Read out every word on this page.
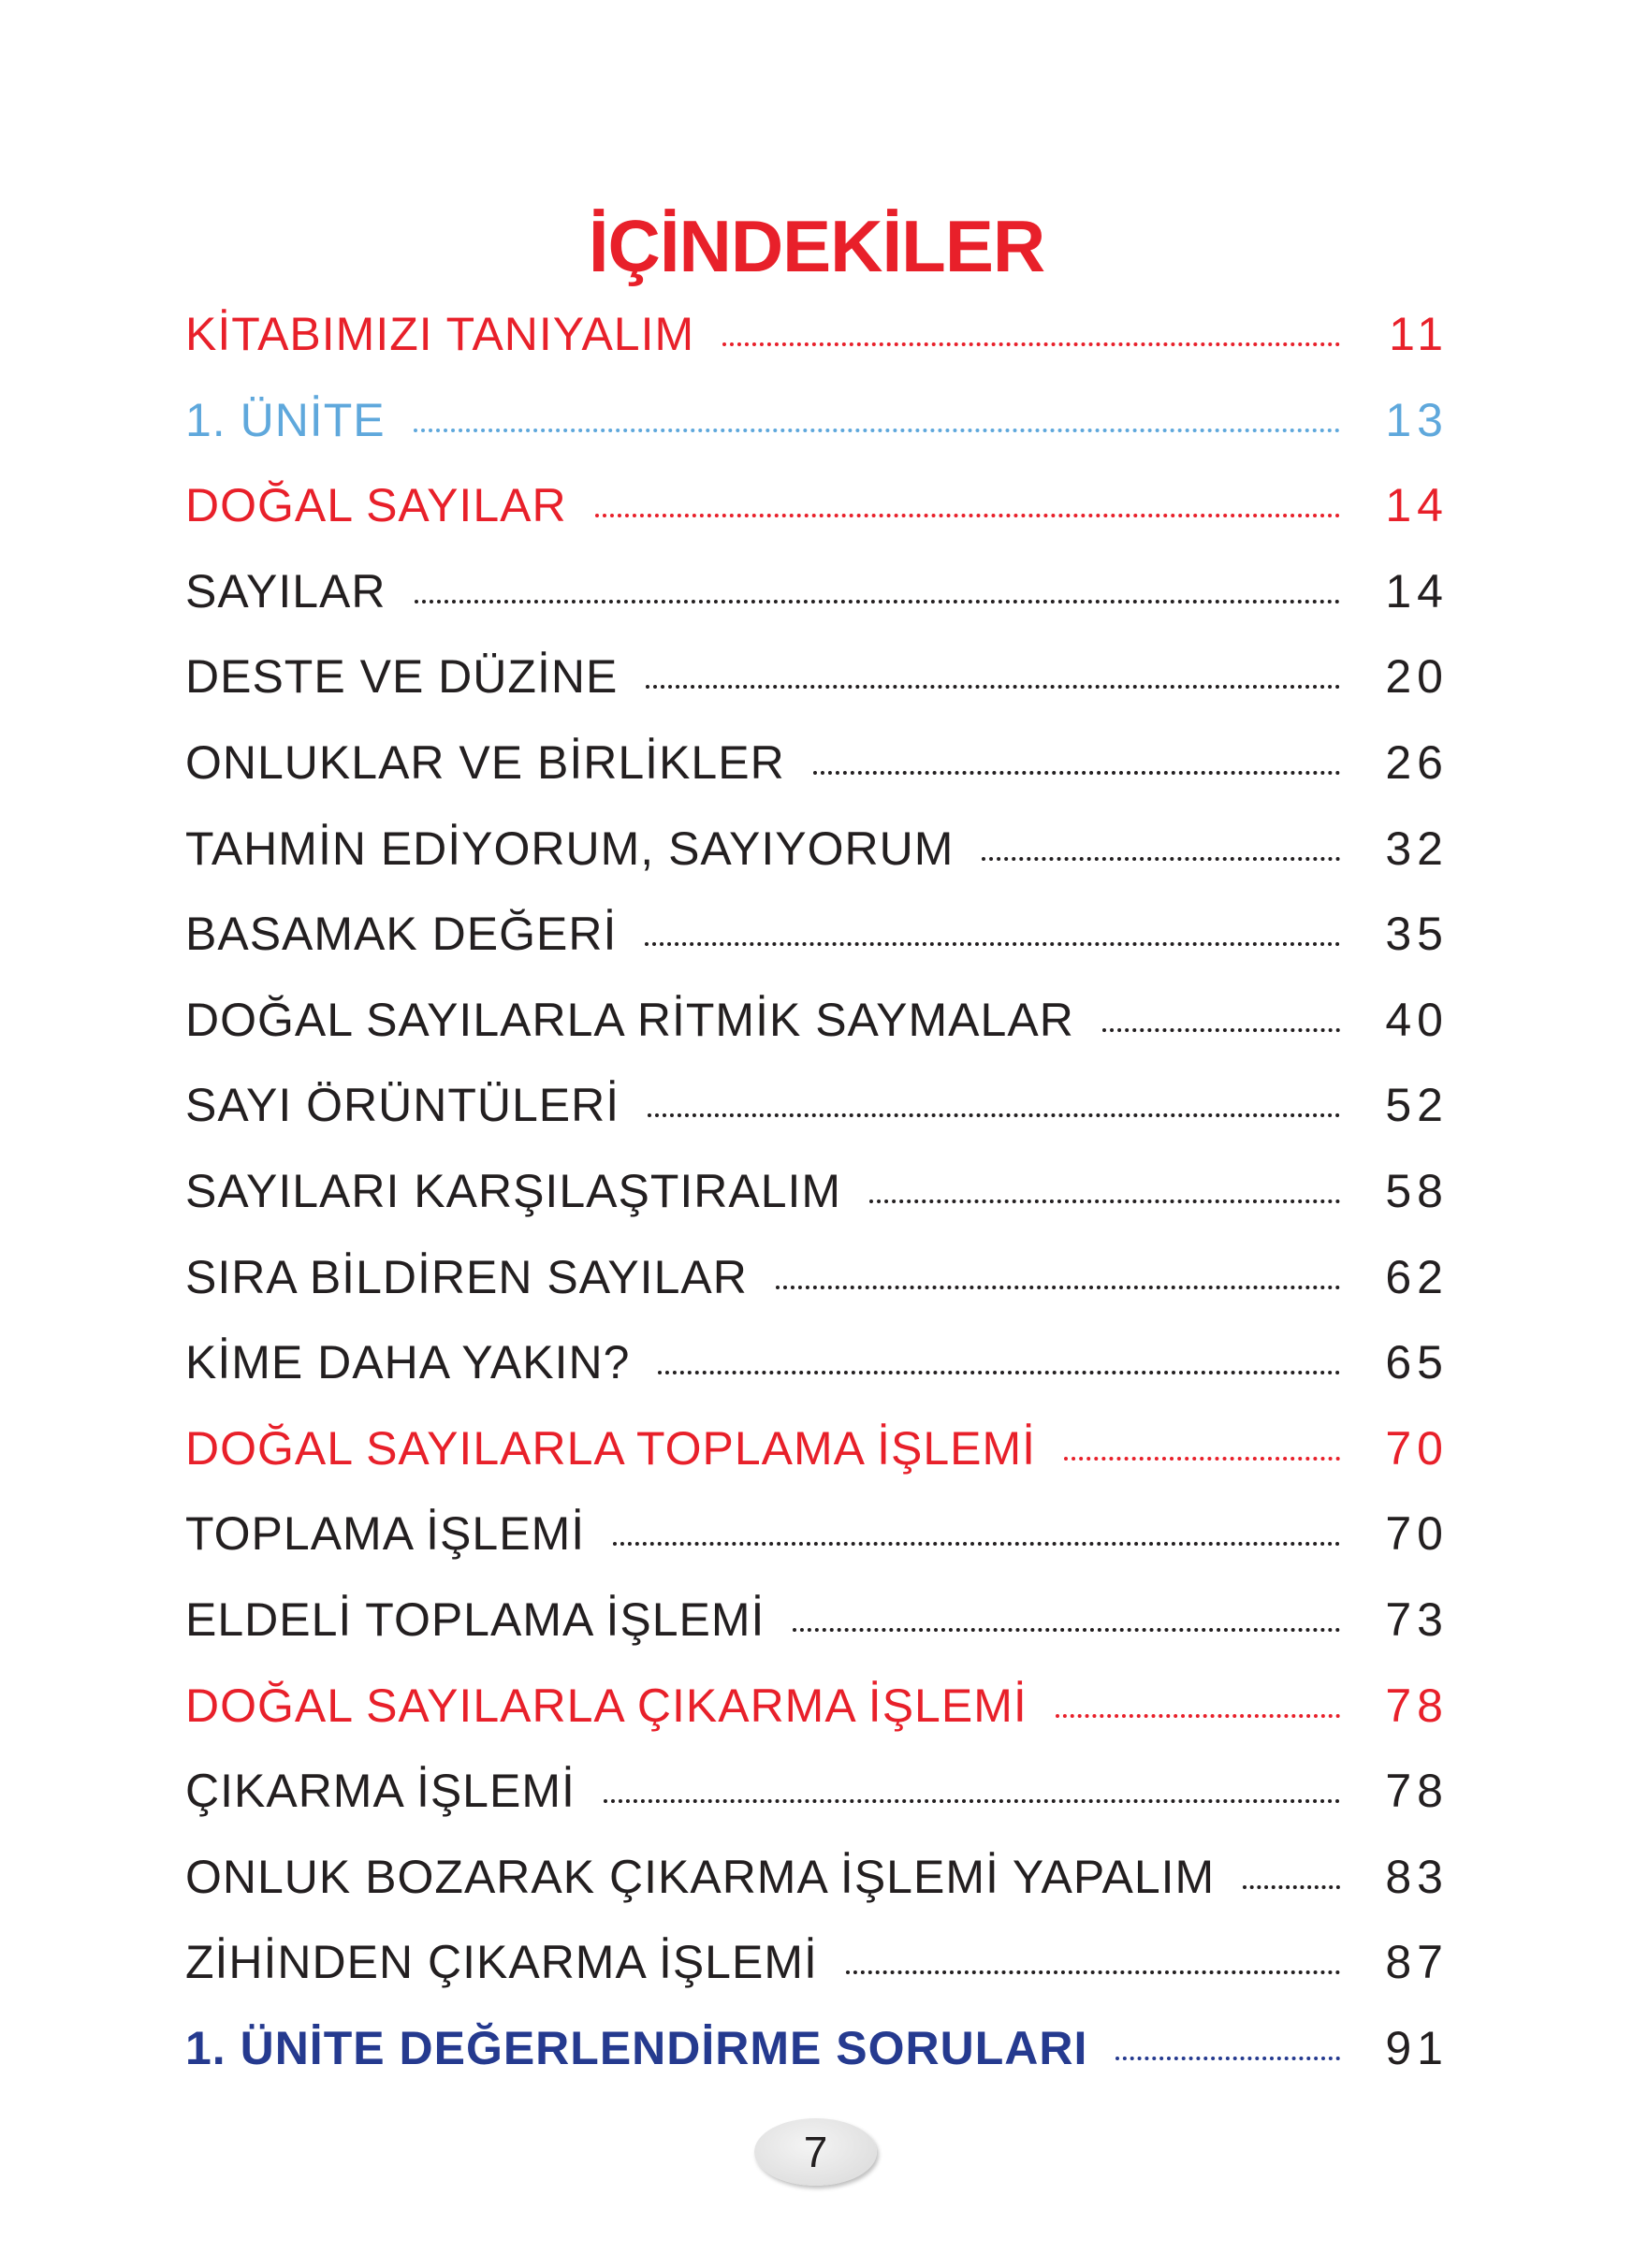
İÇİNDEKİLER
KİTABIMIZI TANIYALIM	11
1. ÜNİTE	13
DOĞAL SAYILAR	14
SAYILAR	14
DESTE VE DÜZİNE	20
ONLUKLAR VE BİRLİKLER	26
TAHMİN EDİYORUM, SAYIYORUM	32
BASAMAK DEĞERİ	35
DOĞAL SAYILARLA RİTMİK SAYMALAR	40
SAYI ÖRÜNTÜLERİ	52
SAYILARI KARŞILAŞTIRALIM	58
SIRA BİLDİREN SAYILAR	62
KİME DAHA YAKIN?	65
DOĞAL SAYILARLA TOPLAMA İŞLEMİ	70
TOPLAMA İŞLEMİ	70
ELDELİ TOPLAMA İŞLEMİ	73
DOĞAL SAYILARLA ÇIKARMA İŞLEMİ	78
ÇIKARMA İŞLEMİ	78
ONLUK BOZARAK ÇIKARMA İŞLEMİ YAPALIM	83
ZİHİNDEN ÇIKARMA İŞLEMİ	87
1. ÜNİTE DEĞERLENDİRME SORULARI	91
7
